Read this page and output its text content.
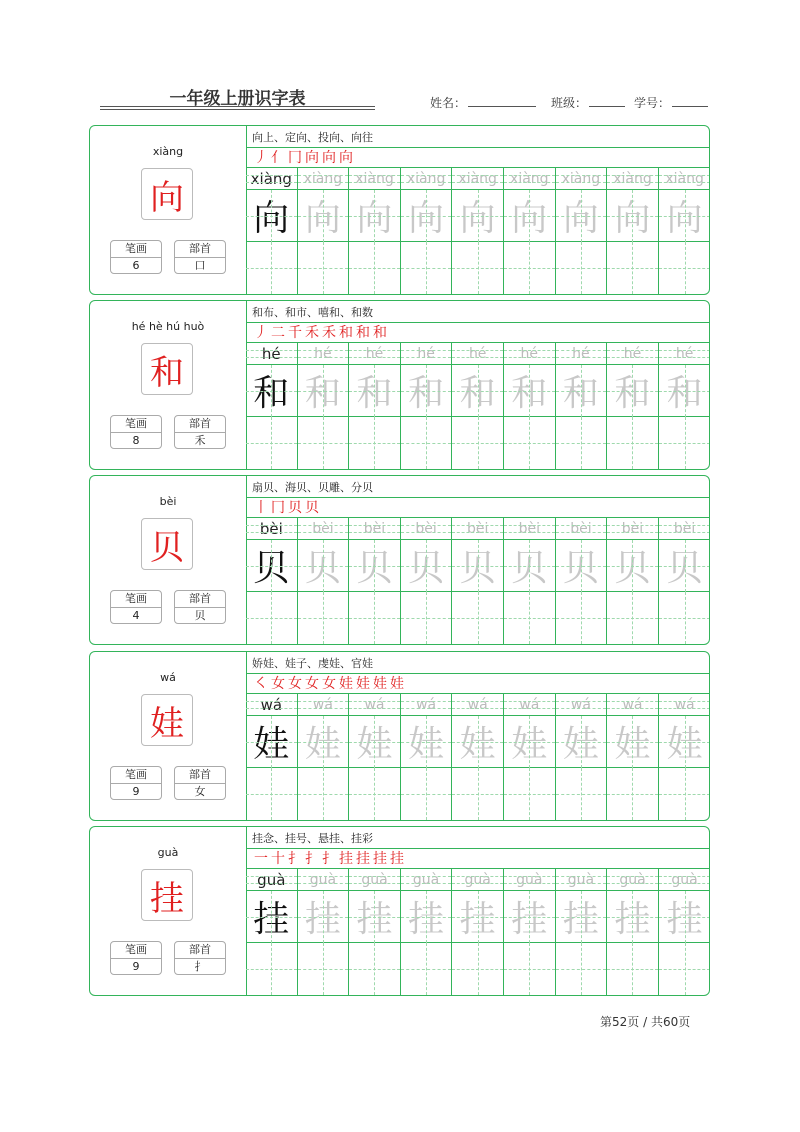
一年级上册识字表	姓名：	班级：	学号：
xiàng
向
笔画
6
部首
口
向上、定向、投向、向往
丿 亻 冂 向 向 向
xiàng
向
xiàng
向
xiàng
向
xiàng
向
xiàng
向
xiàng
向
xiàng
向
xiàng
向
xiàng
向
hé hè hú huò
和
笔画
8
部首
禾
和布、和市、嘻和、和数
丿 二 千 禾 禾 和 和 和
hé
和
hé
和
hé
和
hé
和
hé
和
hé
和
hé
和
hé
和
hé
和
bèi
贝
笔画
4
部首
贝
扇贝、海贝、贝雕、分贝
丨 冂 贝 贝
bèi
贝
bèi
贝
bèi
贝
bèi
贝
bèi
贝
bèi
贝
bèi
贝
bèi
贝
bèi
贝
wá
娃
笔画
9
部首
女
娇娃、娃子、虔娃、官娃
㇛ 女 女 女 女 娃 娃 娃 娃
wá
娃
wá
娃
wá
娃
wá
娃
wá
娃
wá
娃
wá
娃
wá
娃
wá
娃
guà
挂
笔画
9
部首
扌
挂念、挂号、悬挂、挂彩
一 十 扌 扌 扌 挂 挂 挂 挂
guà
挂
guà
挂
guà
挂
guà
挂
guà
挂
guà
挂
guà
挂
guà
挂
guà
挂
第52页 / 共60页
